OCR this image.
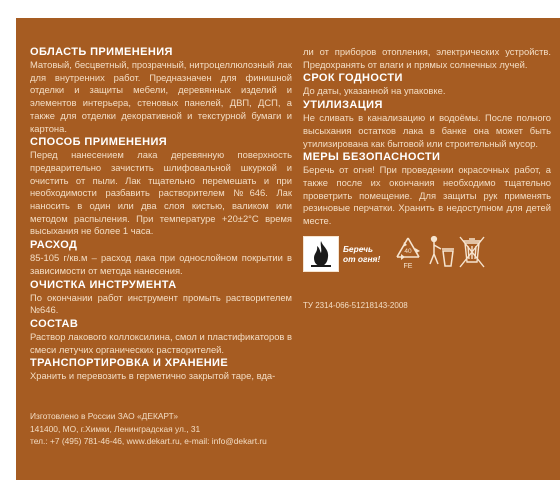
ОБЛАСТЬ ПРИМЕНЕНИЯ

Матовый, бесцветный, прозрачный, нитроцеллюлозный лак для внутренних работ. Предназначен для финишной отделки и защиты мебели, деревянных изделий и элементов интерьера, стеновых панелей, ДВП, ДСП, а также для отделки декоративной и текстурной бумаги и картона.

СПОСОБ ПРИМЕНЕНИЯ

Перед нанесением лака деревянную поверхность предварительно зачистить шлифовальной шкуркой и очистить от пыли. Лак тщательно перемешать и при необходимости разбавить растворителем №646. Лак наносить в один или два слоя кистью, валиком или методом распыления. При температуре +20±2°С время высыхания не более 1 часа.

РАСХОД

85-105 г/кв.м – расход лака при однослойном покрытии в зависимости от метода нанесения.

ОЧИСТКА ИНСТРУМЕНТА

По окончании работ инструмент промыть растворителем №646.

СОСТАВ

Раствор лакового коллоксилина, смол и пластификаторов в смеси летучих органических растворителей.

ТРАНСПОРТИРОВКА И ХРАНЕНИЕ

Хранить и перевозить в герметично закрытой таре, вда-

ли от приборов отопления, электрических устройств. Предохранять от влаги и прямых солнечных лучей.

СРОК ГОДНОСТИ

До даты, указанной на упаковке.

УТИЛИЗАЦИЯ

Не сливать в канализацию и водоёмы. После полного высыхания остатков лака в банке она может быть утилизирована как бытовой или строительный мусор.

МЕРЫ БЕЗОПАСНОСТИ

Беречь от огня! При проведении окрасочных работ, а также после их окончания необходимо тщательно проветрить помещение. Для защиты рук применять резиновые перчатки. Хранить в недоступном для детей месте.

Беречь
от огня!
40
FE
ТУ 2314-066-51218143-2008
Изготовлено в России ЗАО «ДЕКАРТ»
141400, МО, г.Химки, Ленинградская ул., 31
тел.: +7 (495) 781-46-46, www.dekart.ru, e-mail: info@dekart.ru
